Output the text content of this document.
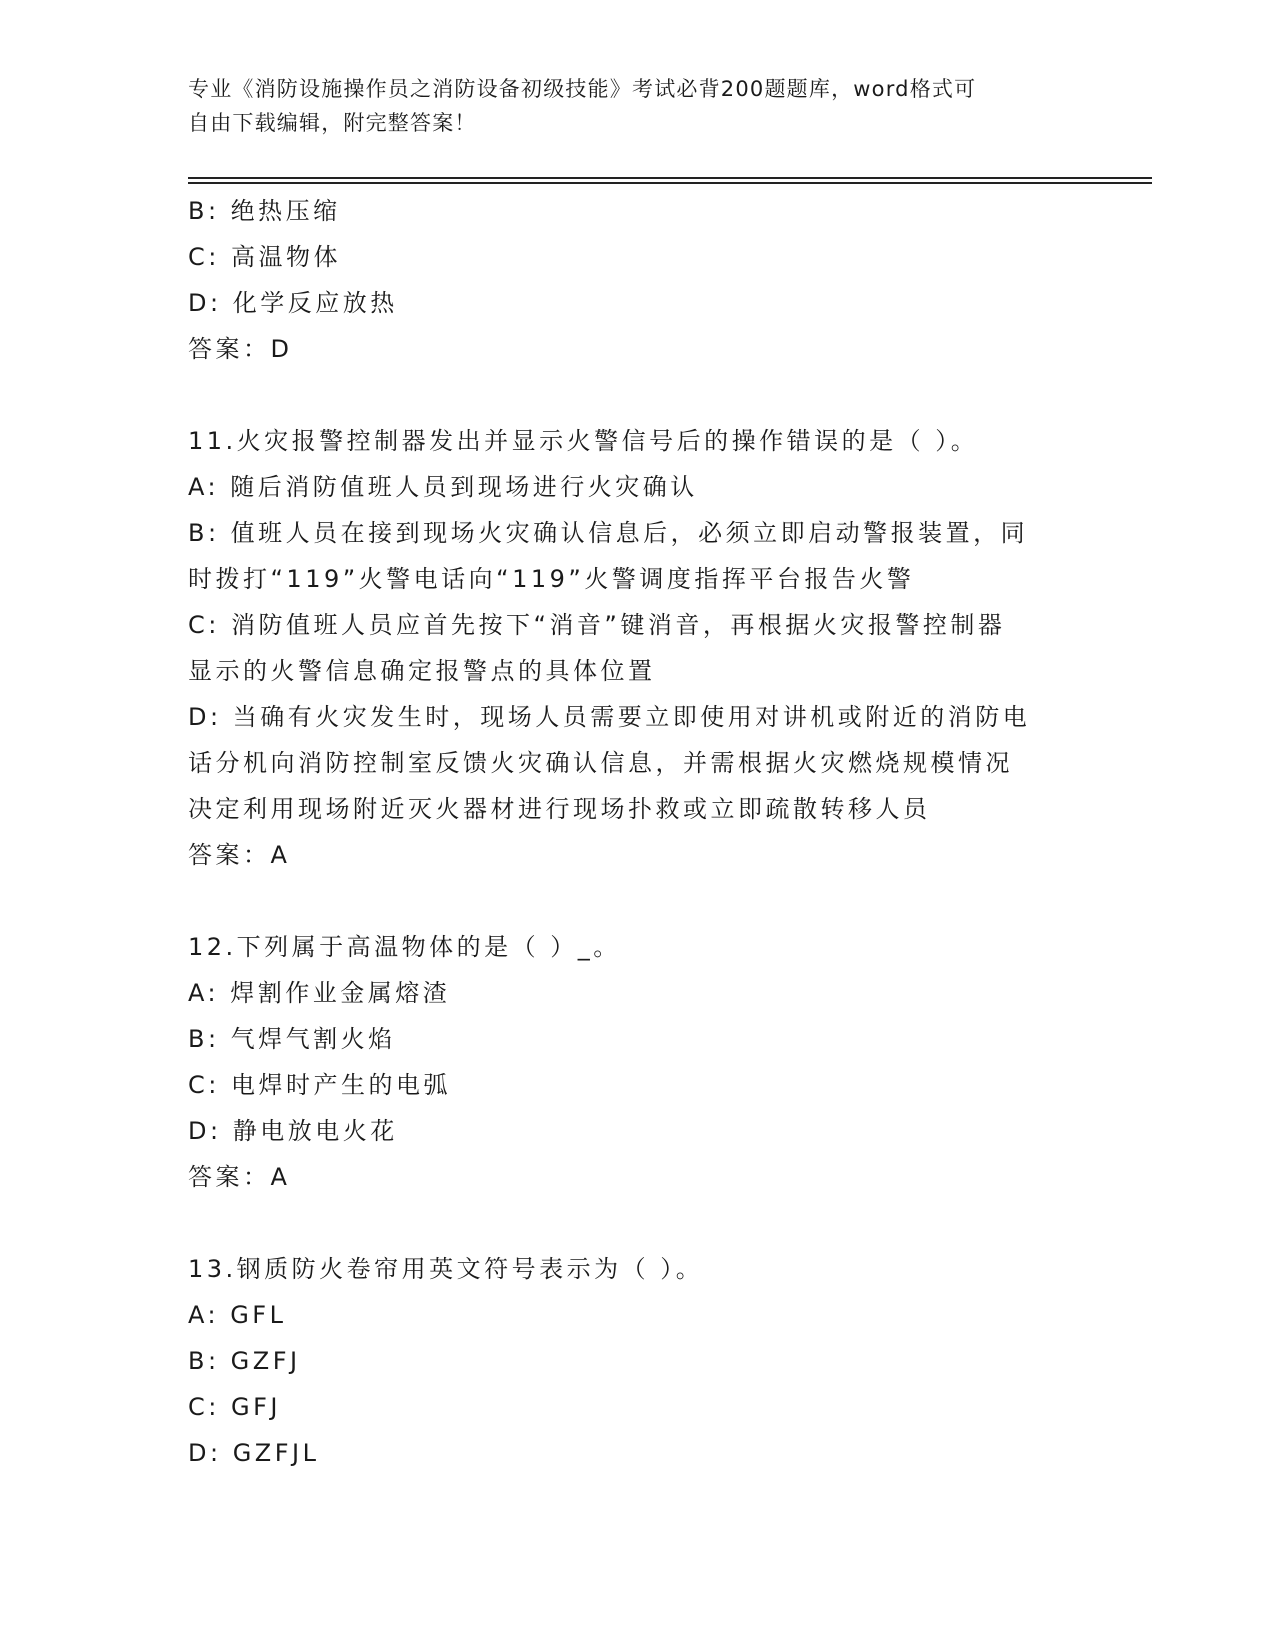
专业《消防设施操作员之消防设备初级技能》考试必背200题题库，word格式可
自由下载编辑，附完整答案！
B: 绝热压缩
C: 高温物体
D: 化学反应放热
答案：D
11.火灾报警控制器发出并显示火警信号后的操作错误的是（ ）。
A: 随后消防值班人员到现场进行火灾确认
B: 值班人员在接到现场火灾确认信息后，必须立即启动警报装置，同
时拨打“119”火警电话向“119”火警调度指挥平台报告火警
C: 消防值班人员应首先按下“消音”键消音，再根据火灾报警控制器
显示的火警信息确定报警点的具体位置
D: 当确有火灾发生时，现场人员需要立即使用对讲机或附近的消防电
话分机向消防控制室反馈火灾确认信息，并需根据火灾燃烧规模情况
决定利用现场附近灭火器材进行现场扑救或立即疏散转移人员
答案：A
12.下列属于高温物体的是（ ）_。
A: 焊割作业金属熔渣
B: 气焊气割火焰
C: 电焊时产生的电弧
D: 静电放电火花
答案：A
13.钢质防火卷帘用英文符号表示为（ ）。
A: GFL
B: GZFJ
C: GFJ
D: GZFJL
